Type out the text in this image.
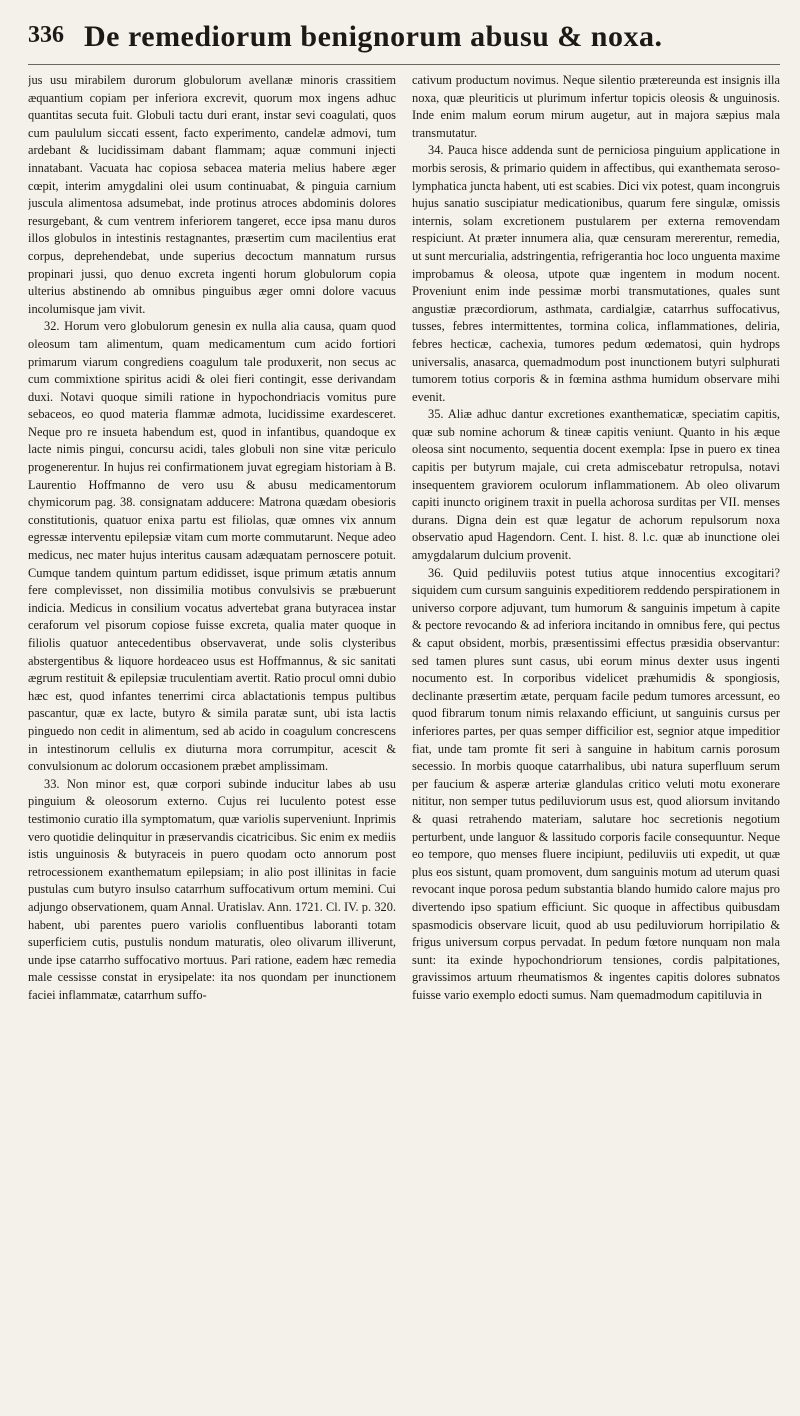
336 De remediorum benignorum abusu & noxa.

jus usu mirabilem durorum globulorum avellanæ minoris crassitiem æquantium copiam per inferiora excrevit, quorum mox ingens adhuc quantitas secuta fuit. Globuli tactu duri erant, instar sevi coagulati, quos cum paululum siccati essent, facto experimento, candelæ admovi, tum ardebant & lucidissimam dabant flammam; aquæ communi injecti innatabant. Vacuata hac copiosa sebacea materia melius habere æger cœpit, interim amygdalini olei usum continuabat, & pinguia carnium juscula alimentosa adsumebat, inde protinus atroces abdominis dolores resurgebant, & cum ventrem inferiorem tangeret, ecce ipsa manu duros illos globulos in intestinis restagnantes, præsertim cum macilentius erat corpus, deprehendebat, unde superius decoctum mannatum rursus propinari jussi, quo denuo excreta ingenti horum globulorum copia ulterius abstinendo ab omnibus pinguibus æger omni dolore vacuus incolumisque jam vivit.

32. Horum vero globulorum genesin ex nulla alia causa, quam quod oleosum tam alimentum, quam medicamentum cum acido fortiori primarum viarum congrediens coagulum tale produxerit, non secus ac cum commixtione spiritus acidi & olei fieri contingit, esse derivandam duxi. Notavi quoque simili ratione in hypochondriacis vomitus pure sebaceos, eo quod materia flammæ admota, lucidissime exardesceret. Neque pro re insueta habendum est, quod in infantibus, quandoque ex lacte nimis pingui, concursu acidi, tales globuli non sine vitæ periculo progenerentur. In hujus rei confirmationem juvat egregiam historiam à B. Laurentio Hoffmanno de vero usu & abusu medicamentorum chymicorum pag. 38. consignatam adducere: Matrona quædam obesioris constitutionis, quatuor enixa partu est filiolas, quæ omnes vix annum egressæ interventu epilepsiæ vitam cum morte commutarunt. Neque adeo medicus, nec mater hujus interitus causam adæquatam pernoscere potuit. Cumque tandem quintum partum edidisset, isque primum ætatis annum fere complevisset, non dissimilia motibus convulsivis se præbuerunt indicia. Medicus in consilium vocatus advertebat grana butyracea instar ceraforum vel pisorum copiose fuisse excreta, qualia mater quoque in filiolis quatuor antecedentibus observaverat, unde solis clysteribus abstergentibus & liquore hordeaceo usus est Hoffmannus, & sic sanitati ægrum restituit & epilepsiæ truculentiam avertit. Ratio procul omni dubio hæc est, quod infantes tenerrimi circa ablactationis tempus pultibus pascantur, quæ ex lacte, butyro & simila paratæ sunt, ubi ista lactis pinguedo non cedit in alimentum, sed ab acido in coagulum concrescens in intestinorum cellulis ex diuturna mora corrumpitur, acescit & convulsionum ac dolorum occasionem præbet amplissimam.

33. Non minor est, quæ corpori subinde inducitur labes ab usu pinguium & oleosorum externo. Cujus rei luculento potest esse testimonio curatio illa symptomatum, quæ variolis superveniunt. Inprimis vero quotidie delinquitur in præservandis cicatricibus. Sic enim ex mediis istis unguinosis & butyraceis in puero quodam octo annorum post retrocessionem exanthematum epilepsiam; in alio post illinitas in facie pustulas cum butyro insulso catarrhum suffocativum ortum memini. Cui adjungo observationem, quam Annal. Uratislav. Ann. 1721. Cl. IV. p. 320. habent, ubi parentes puero variolis confluentibus laboranti totam superficiem cutis, pustulis nondum maturatis, oleo olivarum illiverunt, unde ipse catarrho suffocativo mortuus. Pari ratione, eadem hæc remedia male cessisse constat in erysipelate: ita nos quondam per inunctionem faciei inflammatæ, catarrhum suffo-

cativum productum novimus. Neque silentio prætereunda est insignis illa noxa, quæ pleuriticis ut plurimum infertur topicis oleosis & unguinosis. Inde enim malum eorum mirum augetur, aut in majora sæpius mala transmutatur.

34. Pauca hisce addenda sunt de perniciosa pinguium applicatione in morbis serosis, & primario quidem in affectibus, qui exanthemata seroso-lymphatica juncta habent, uti est scabies. Dici vix potest, quam incongruis hujus sanatio suscipiatur medicationibus, quarum fere singulæ, omissis internis, solam excretionem pustularem per externa removendam respiciunt. At præter innumera alia, quæ censuram mererentur, remedia, ut sunt mercurialia, adstringentia, refrigerantia hoc loco unguenta maxime improbamus & oleosa, utpote quæ ingentem in modum nocent. Proveniunt enim inde pessimæ morbi transmutationes, quales sunt angustiæ præcordiorum, asthmata, cardialgiæ, catarrhus suffocativus, tusses, febres intermittentes, tormina colica, inflammationes, deliria, febres hecticæ, cachexia, tumores pedum œdematosi, quin hydrops universalis, anasarca, quemadmodum post inunctionem butyri sulphurati tumorem totius corporis & in fœmina asthma humidum observare mihi evenit.

35. Aliæ adhuc dantur excretiones exanthematicæ, speciatim capitis, quæ sub nomine achorum & tineæ capitis veniunt. Quanto in his æque oleosa sint nocumento, sequentia docent exempla: Ipse in puero ex tinea capitis per butyrum majale, cui creta admiscebatur retropulsa, notavi insequentem graviorem oculorum inflammationem. Ab oleo olivarum capiti inuncto originem traxit in puella achorosa surditas per VII. menses durans. Digna dein est quæ legatur de achorum repulsorum noxa observatio apud Hagendorn. Cent. I. hist. 8. l.c. quæ ab inunctione olei amygdalarum dulcium provenit.

36. Quid pediluviis potest tutius atque innocentius excogitari? siquidem cum cursum sanguinis expeditiorem reddendo perspirationem in universo corpore adjuvant, tum humorum & sanguinis impetum à capite & pectore revocando & ad inferiora incitando in omnibus fere, qui pectus & caput obsident, morbis, præsentissimi effectus præsidia observantur: sed tamen plures sunt casus, ubi eorum minus dexter usus ingenti nocumento est. In corporibus videlicet præhumidis & spongiosis, declinante præsertim ætate, perquam facile pedum tumores arcessunt, eo quod fibrarum tonum nimis relaxando efficiunt, ut sanguinis cursus per inferiores partes, per quas semper difficilior est, segnior atque impeditior fiat, unde tam promte fit seri à sanguine in habitum carnis porosum secessio. In morbis quoque catarrhalibus, ubi natura superfluum serum per faucium & asperæ arteriæ glandulas critico veluti motu exonerare nititur, non semper tutus pediluviorum usus est, quod aliorsum invitando & quasi retrahendo materiam, salutare hoc secretionis negotium perturbent, unde languor & lassitudo corporis facile consequuntur. Neque eo tempore, quo menses fluere incipiunt, pediluviis uti expedit, ut quæ plus eos sistunt, quam promovent, dum sanguinis motum ad uterum quasi revocant inque porosa pedum substantia blando humido calore majus pro divertendo ipso spatium efficiunt. Sic quoque in affectibus quibusdam spasmodicis observare licuit, quod ab usu pediluviorum horripilatio & frigus universum corpus pervadat. In pedum fœtore nunquam non mala sunt: ita exinde hypochondriorum tensiones, cordis palpitationes, gravissimos artuum rheumatismos & ingentes capitis dolores subnatos fuisse vario exemplo edocti sumus. Nam quemadmodum capitiluvia in
